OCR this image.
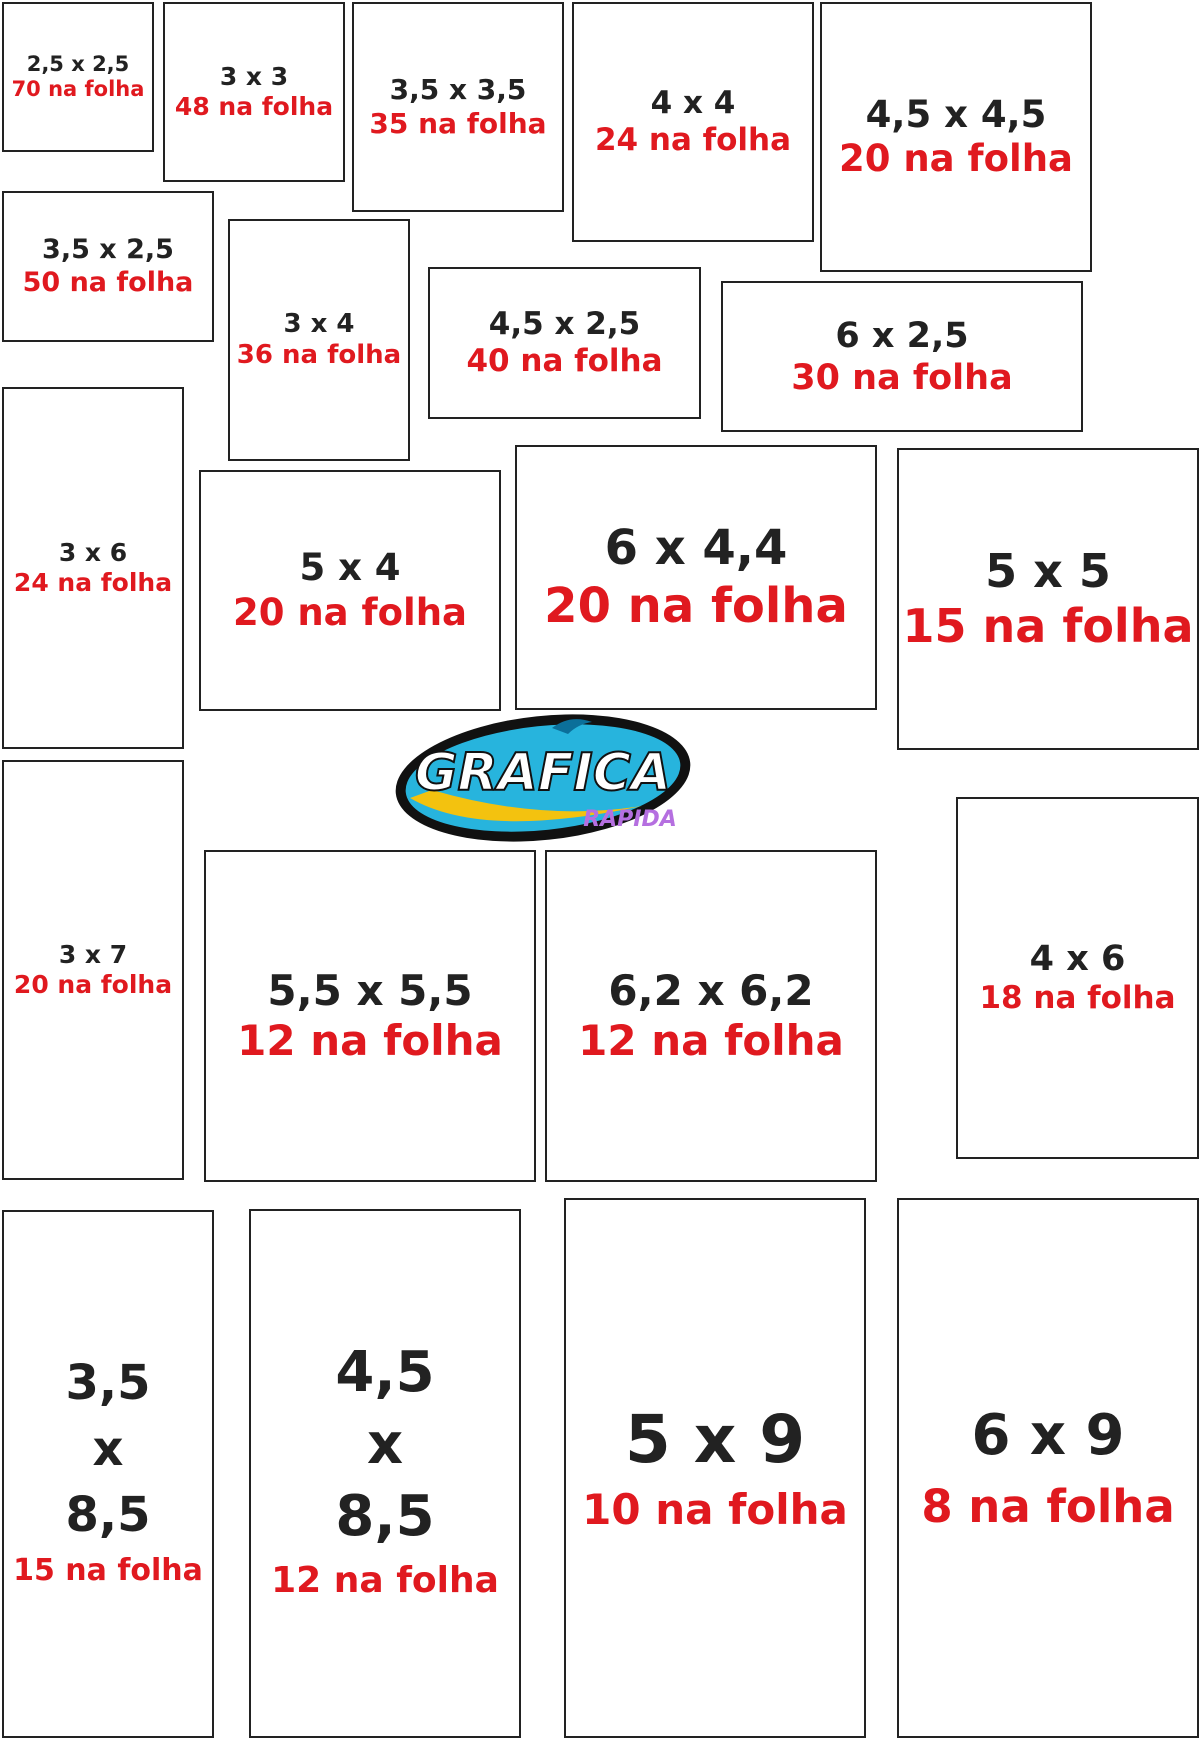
2,5 x 2,5
70 na folha	3 x 3
48 na folha
3,5 x 3,5
35 na folha
4 x 4
24 na folha
4,5 x 4,5
20 na folha
3,5 x 2,5
50 na folha
3 x 4
36 na folha
4,5 x 2,5
40 na folha
6 x 2,5
30 na folha
3 x 6
24 na folha	5 x 4
20 na folha
6 x 4,4
20 na folha
5 x 5
15 na folha
GRAFICA
RAPIDA
3 x 7
20 na folha 5,5 x 5,5
12 na folha
6,2 x 6,2
12 na folha
4 x 6
18 na folha
3,5
x
8,5
15 na folha
4,5
x
8,5
12 na folha
5 x 9
10 na folha
6 x 9
8 na folha
